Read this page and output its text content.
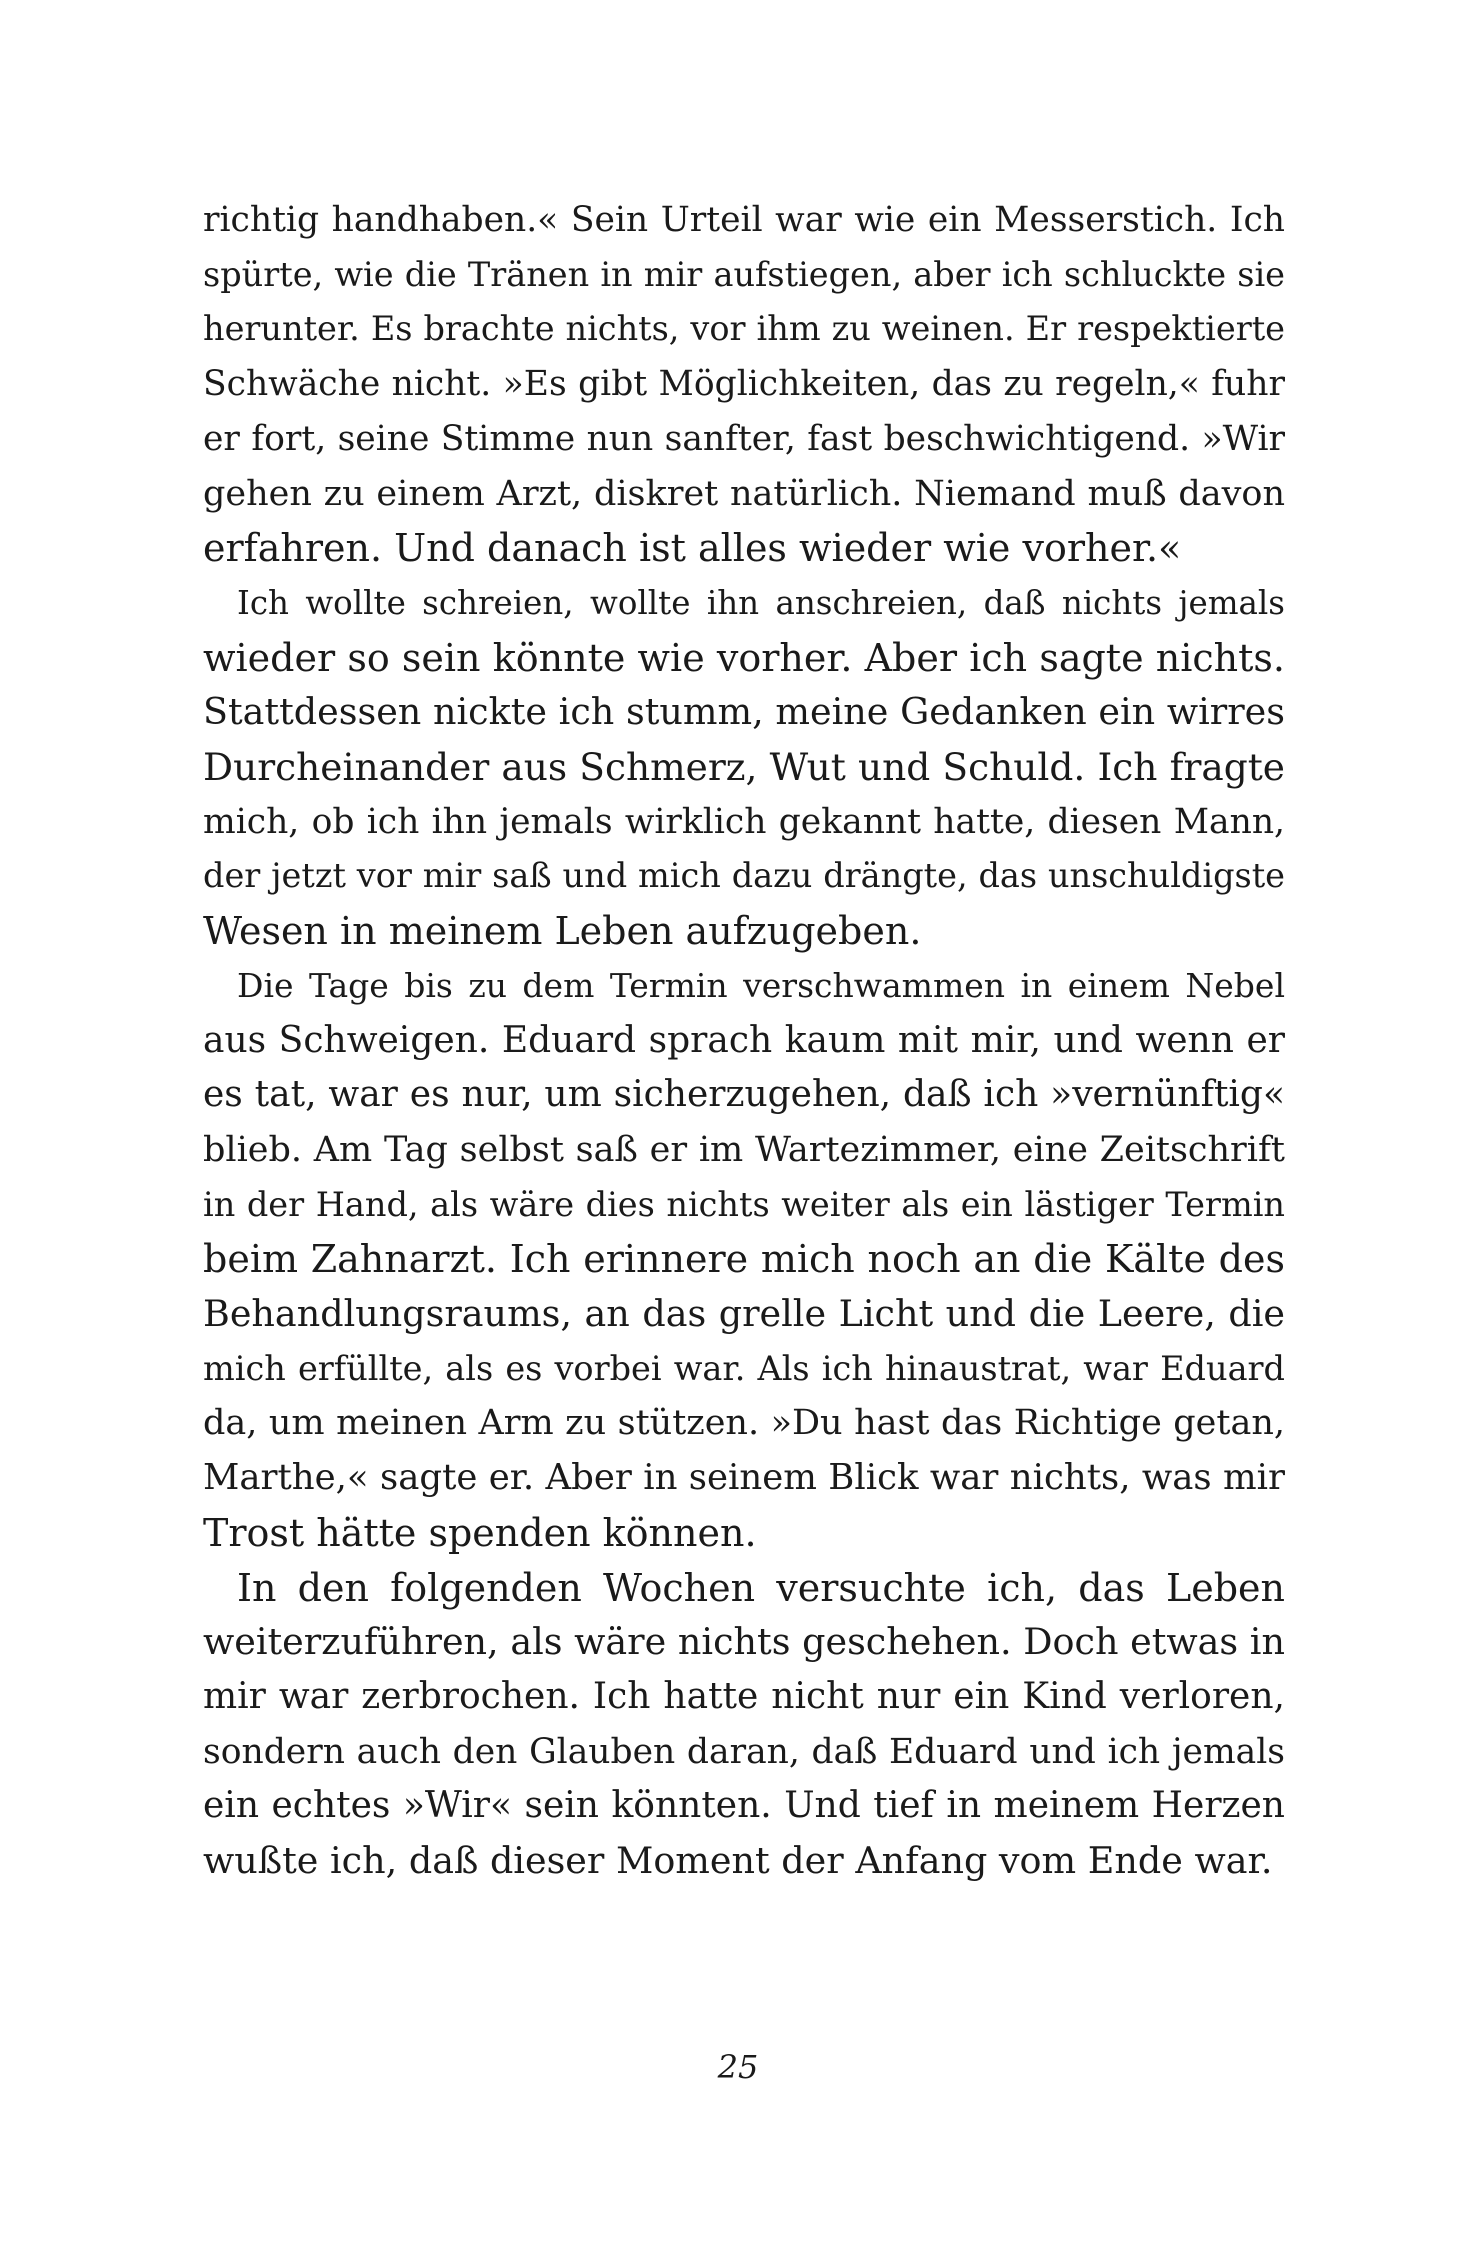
richtig handhaben.« Sein Urteil war wie ein Messerstich. Ich
spürte, wie die Tränen in mir aufstiegen, aber ich schluckte sie
herunter. Es brachte nichts, vor ihm zu weinen. Er respektierte
Schwäche nicht. »Es gibt Möglichkeiten, das zu regeln,« fuhr
er fort, seine Stimme nun sanfter, fast beschwichtigend. »Wir
gehen zu einem Arzt, diskret natürlich. Niemand muß davon
erfahren. Und danach ist alles wieder wie vorher.«

Ich wollte schreien, wollte ihn anschreien, daß nichts jemals
wieder so sein könnte wie vorher. Aber ich sagte nichts.
Stattdessen nickte ich stumm, meine Gedanken ein wirres
Durcheinander aus Schmerz, Wut und Schuld. Ich fragte
mich, ob ich ihn jemals wirklich gekannt hatte, diesen Mann,
der jetzt vor mir saß und mich dazu drängte, das unschuldigste
Wesen in meinem Leben aufzugeben.

Die Tage bis zu dem Termin verschwammen in einem Nebel
aus Schweigen. Eduard sprach kaum mit mir, und wenn er
es tat, war es nur, um sicherzugehen, daß ich »vernünftig«
blieb. Am Tag selbst saß er im Wartezimmer, eine Zeitschrift
in der Hand, als wäre dies nichts weiter als ein lästiger Termin
beim Zahnarzt. Ich erinnere mich noch an die Kälte des
Behandlungsraums, an das grelle Licht und die Leere, die
mich erfüllte, als es vorbei war. Als ich hinaustrat, war Eduard
da, um meinen Arm zu stützen. »Du hast das Richtige getan,
Marthe,« sagte er. Aber in seinem Blick war nichts, was mir
Trost hätte spenden können.

In den folgenden Wochen versuchte ich, das Leben
weiterzuführen, als wäre nichts geschehen. Doch etwas in
mir war zerbrochen. Ich hatte nicht nur ein Kind verloren,
sondern auch den Glauben daran, daß Eduard und ich jemals
ein echtes »Wir« sein könnten. Und tief in meinem Herzen
wußte ich, daß dieser Moment der Anfang vom Ende war.

25
